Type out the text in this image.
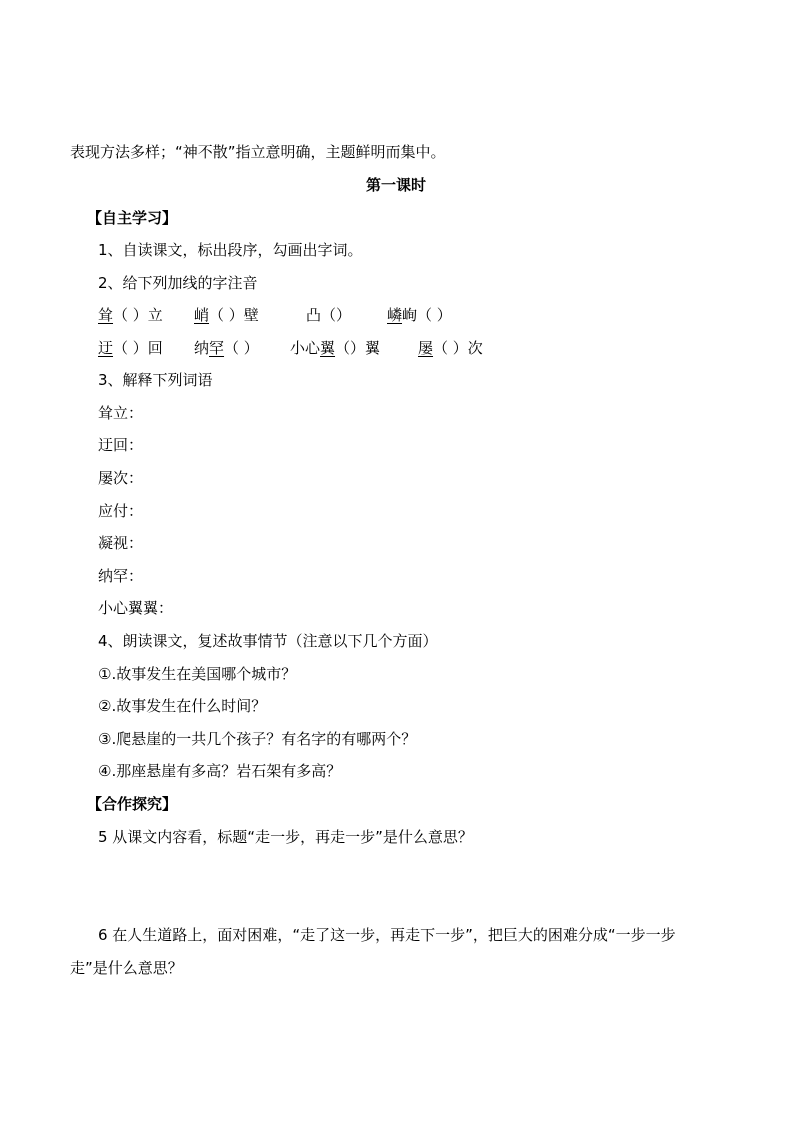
表现方法多样；“神不散”指立意明确，主题鲜明而集中。
第一课时
【自主学习】
1、自读课文，标出段序，勾画出字词。
2、给下列加线的字注音
耸（ ）立 峭（ ）壁	凸（） 嶙峋（ ）
迂（ ）回 纳罕（ ） 小心翼（）翼	屡（ ）次
3、解释下列词语
耸立：
迂回：
屡次：
应付：
凝视：
纳罕：
小心翼翼：
4、朗读课文，复述故事情节（注意以下几个方面）
①.故事发生在美国哪个城市？
②.故事发生在什么时间？
③.爬悬崖的一共几个孩子？有名字的有哪两个？
④.那座悬崖有多高？岩石架有多高？
【合作探究】
5 从课文内容看，标题“走一步，再走一步”是什么意思？
6 在人生道路上，面对困难，“走了这一步，再走下一步”，把巨大的困难分成“一步一步
走”是什么意思？
